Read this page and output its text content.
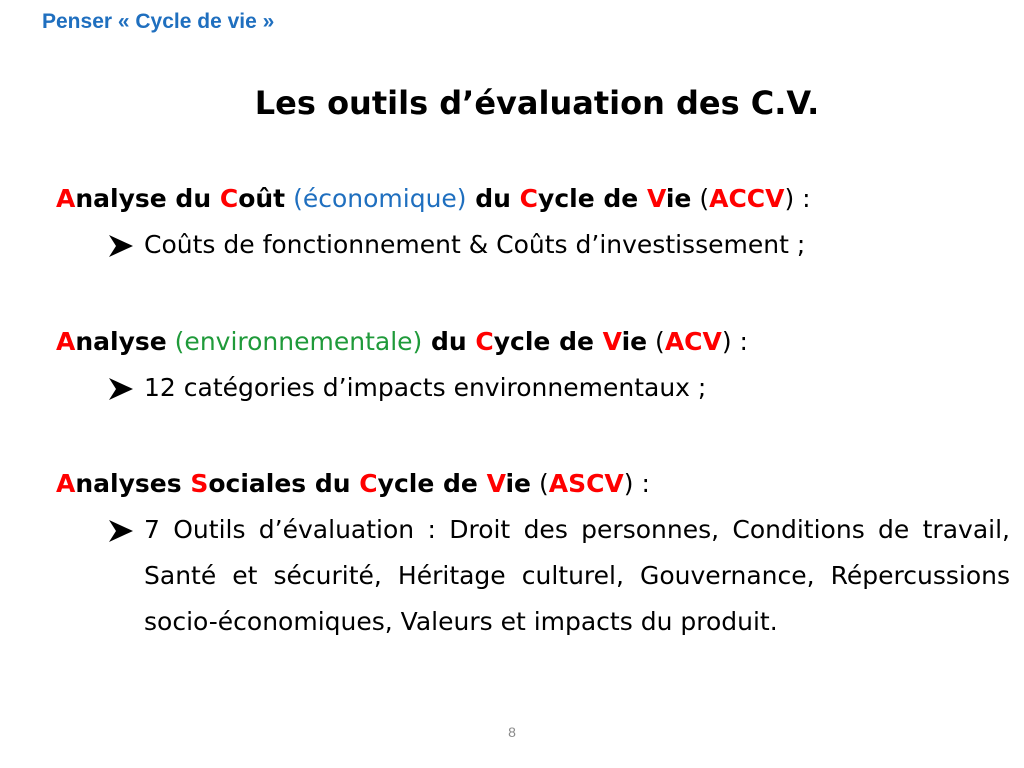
Penser « Cycle de vie »
Les outils d’évaluation des C.V.
Analyse du Coût (économique) du Cycle de Vie (ACCV) :
Coûts de fonctionnement & Coûts d’investissement ;
Analyse (environnementale) du Cycle de Vie (ACV) :
12 catégories d’impacts environnementaux ;
Analyses Sociales du Cycle de Vie (ASCV) :
7 Outils d’évaluation : Droit des personnes, Conditions de travail, Santé et sécurité, Héritage culturel, Gouvernance, Répercussions socio-économiques, Valeurs et impacts du produit.
8
